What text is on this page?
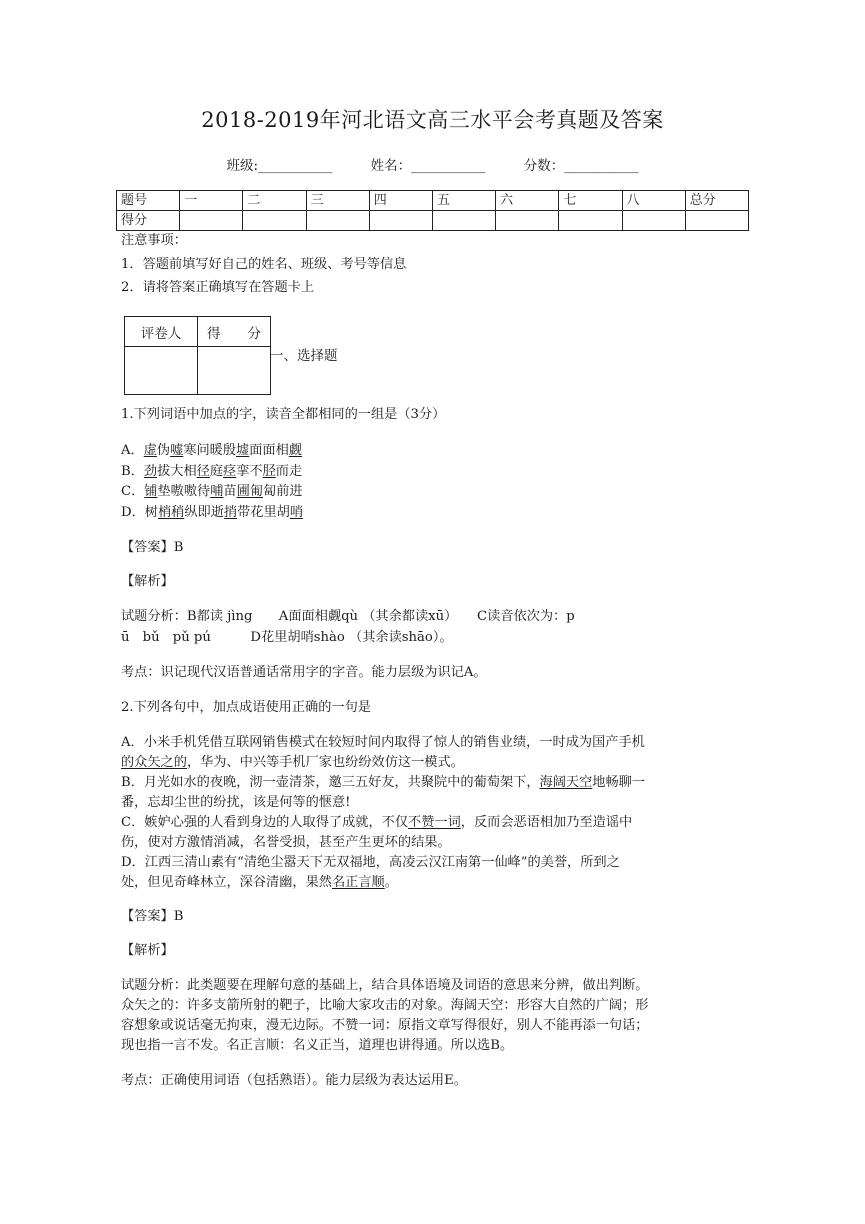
2018-2019年河北语文高三水平会考真题及答案
班级:___________	姓名：___________	分数：___________
题号	一	二	三	四	五	六	七	八	总分
得分									

注意事项：

1．答题前填写好自己的姓名、班级、考号等信息

2．请将答案正确填写在答题卡上

评卷人	得　　分

一、选择题

1.下列词语中加点的字，读音全都相同的一组是（3分）

A．虚伪嘘寒问暖殷墟面面相觑

B．劲拔大相径庭痉挛不胫而走

C．铺垫嗷嗷待哺苗圃匍匐前进

D．树梢稍纵即逝捎带花里胡哨

【答案】B

【解析】

试题分析：B都读 jìng　　A面面相觑qù （其余都读xū）　　C读音依次为：p

ū　bǔ　pǔ pú　　　D花里胡哨shào （其余读shāo）。

考点：识记现代汉语普通话常用字的字音。能力层级为识记A。

2.下列各句中，加点成语使用正确的一句是

A．小米手机凭借互联网销售模式在较短时间内取得了惊人的销售业绩，一时成为国产手机

的众矢之的，华为、中兴等手机厂家也纷纷效仿这一模式。

B．月光如水的夜晚，沏一壶清茶，邀三五好友，共聚院中的葡萄架下，海阔天空地畅聊一

番，忘却尘世的纷扰，该是何等的惬意!

C．嫉妒心强的人看到身边的人取得了成就，不仅不赞一词，反而会恶语相加乃至造谣中

伤，使对方激情消减，名誉受损，甚至产生更坏的结果。

D．江西三清山素有“清绝尘嚣天下无双福地，高凌云汉江南第一仙峰”的美誉，所到之

处，但见奇峰林立，深谷清幽，果然名正言顺。

【答案】B

【解析】

试题分析：此类题要在理解句意的基础上，结合具体语境及词语的意思来分辨，做出判断。

众矢之的：许多支箭所射的靶子，比喻大家攻击的对象。海阔天空：形容大自然的广阔；形

容想象或说话毫无拘束，漫无边际。不赞一词：原指文章写得很好，别人不能再添一句话；

现也指一言不发。名正言顺：名义正当，道理也讲得通。所以选B。

考点：正确使用词语（包括熟语）。能力层级为表达运用E。
